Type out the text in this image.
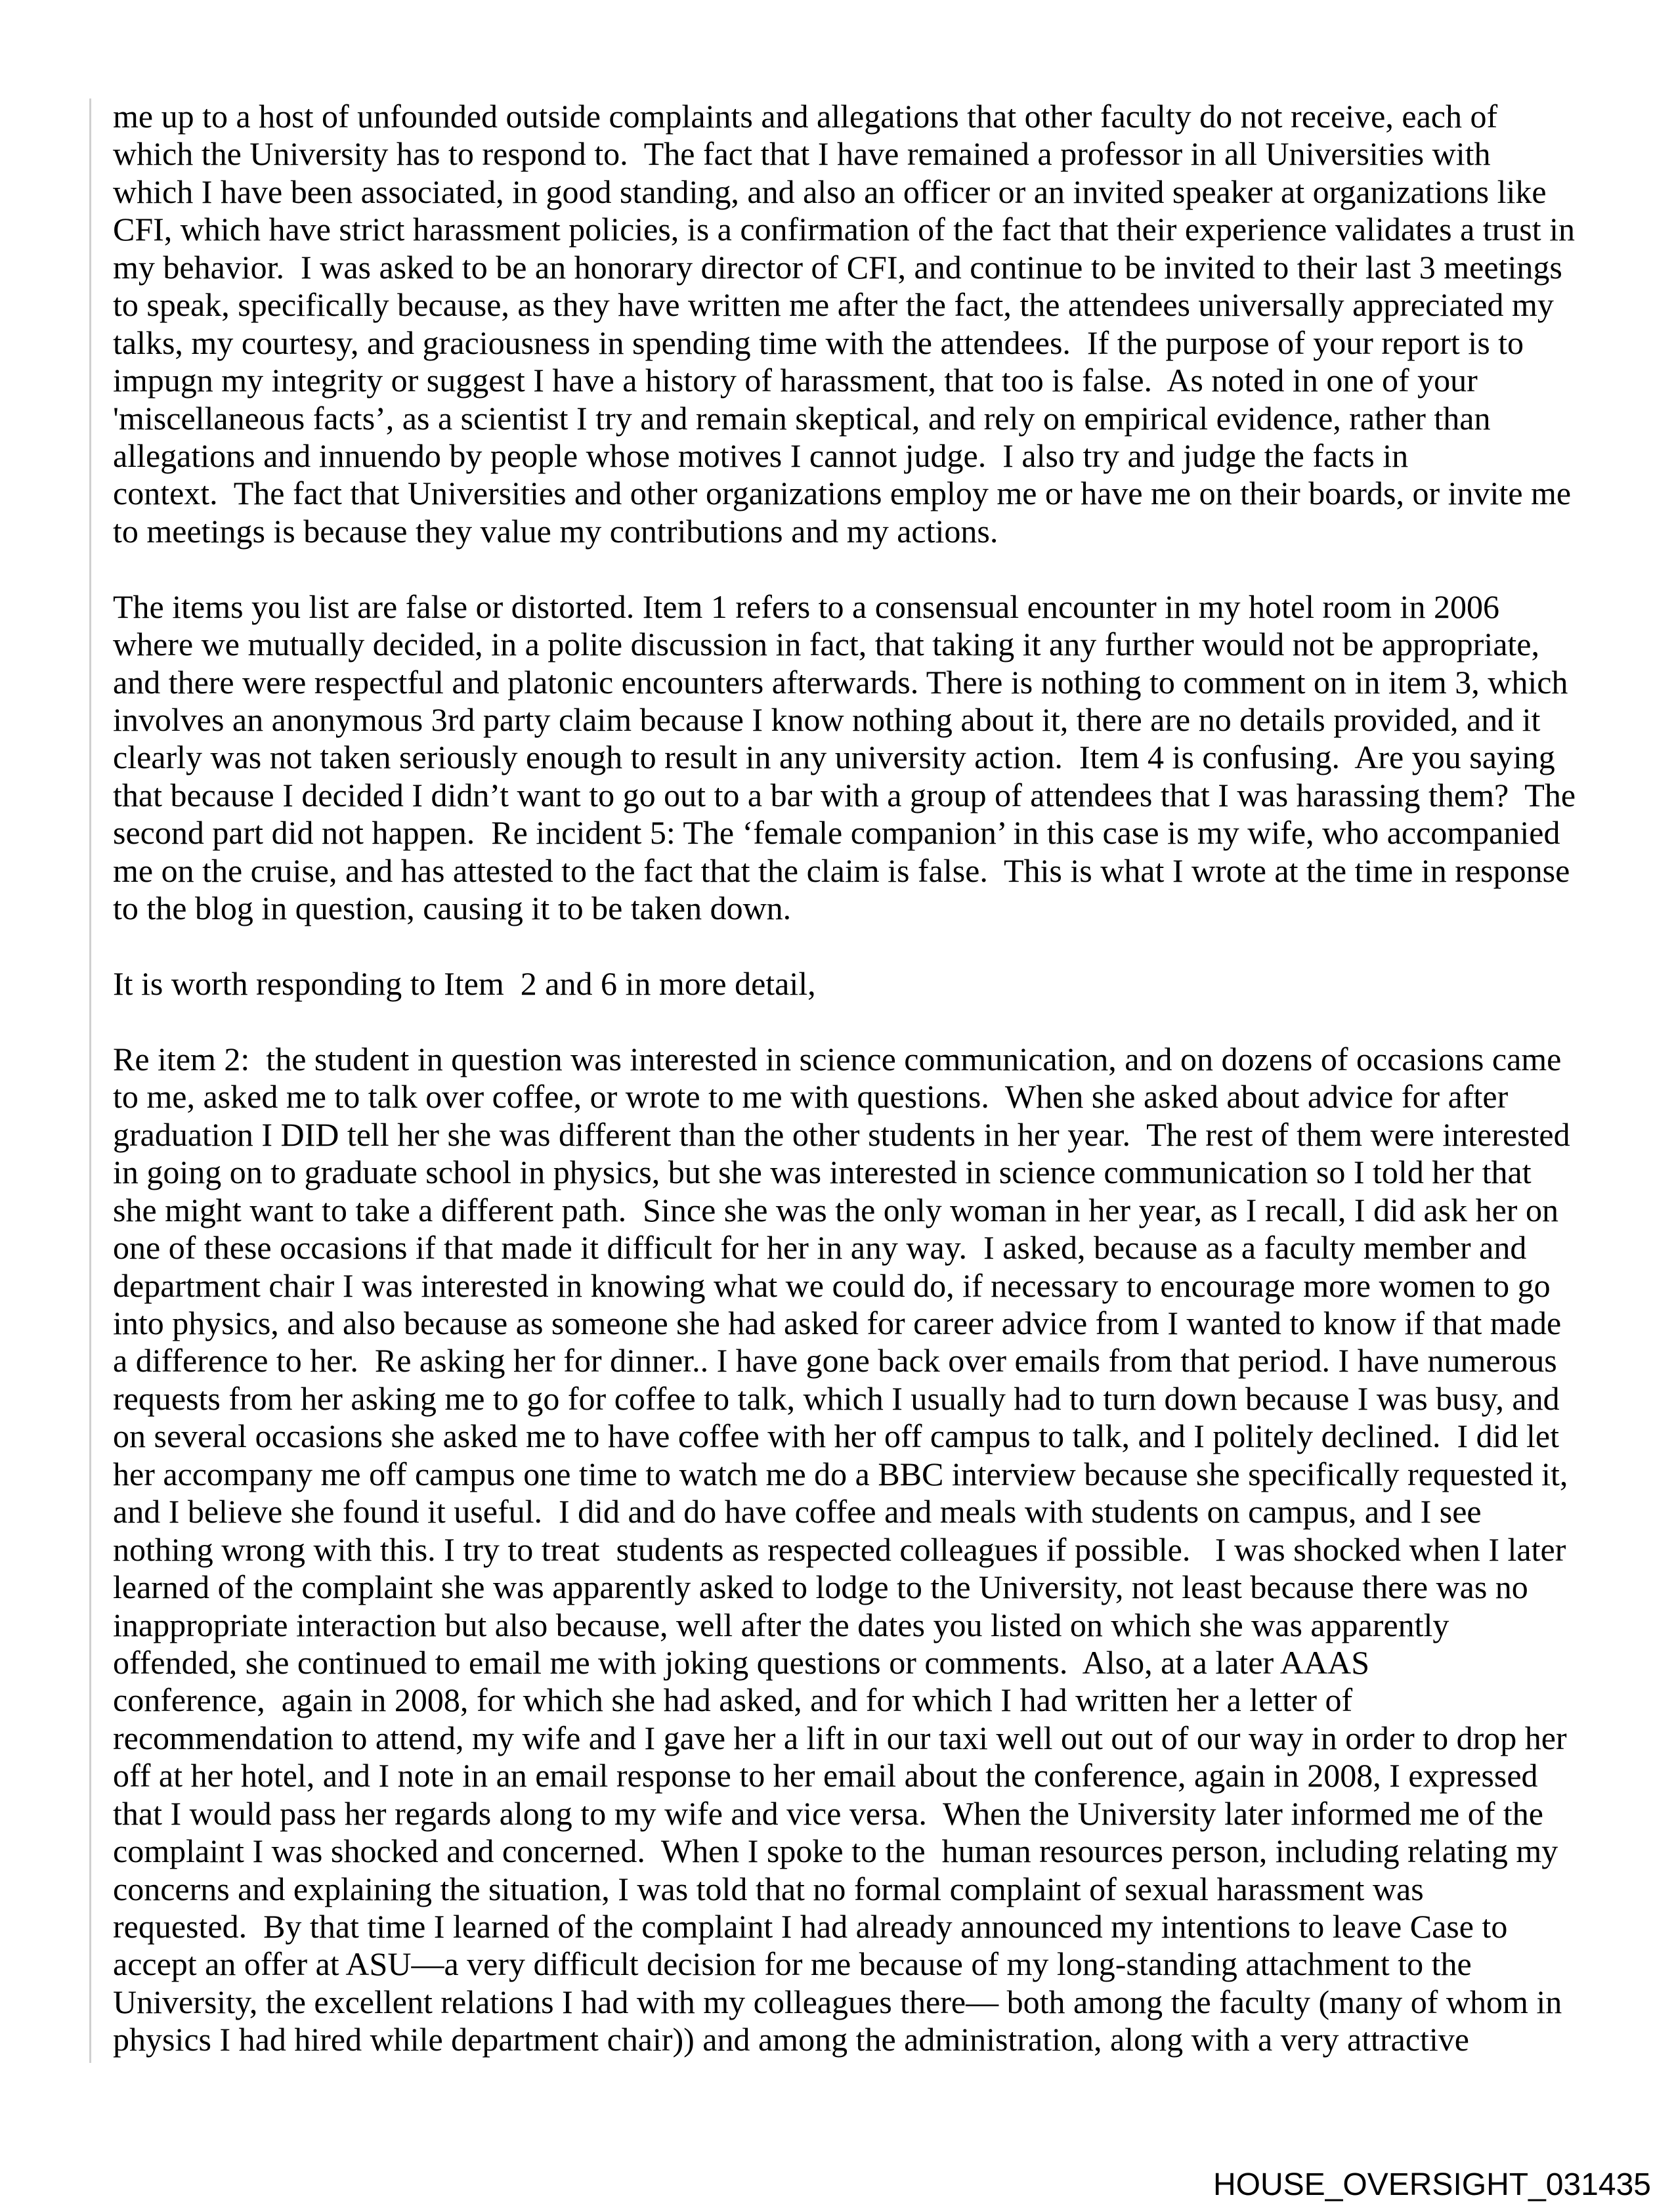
me up to a host of unfounded outside complaints and allegations that other faculty do not receive, each of
which the University has to respond to.  The fact that I have remained a professor in all Universities with
which I have been associated, in good standing, and also an officer or an invited speaker at organizations like
CFI, which have strict harassment policies, is a confirmation of the fact that their experience validates a trust in
my behavior.  I was asked to be an honorary director of CFI, and continue to be invited to their last 3 meetings
to speak, specifically because, as they have written me after the fact, the attendees universally appreciated my
talks, my courtesy, and graciousness in spending time with the attendees.  If the purpose of your report is to
impugn my integrity or suggest I have a history of harassment, that too is false.  As noted in one of your
'miscellaneous facts’, as a scientist I try and remain skeptical, and rely on empirical evidence, rather than
allegations and innuendo by people whose motives I cannot judge.  I also try and judge the facts in
context.  The fact that Universities and other organizations employ me or have me on their boards, or invite me
to meetings is because they value my contributions and my actions.

The items you list are false or distorted. Item 1 refers to a consensual encounter in my hotel room in 2006
where we mutually decided, in a polite discussion in fact, that taking it any further would not be appropriate,
and there were respectful and platonic encounters afterwards. There is nothing to comment on in item 3, which
involves an anonymous 3rd party claim because I know nothing about it, there are no details provided, and it
clearly was not taken seriously enough to result in any university action.  Item 4 is confusing.  Are you saying
that because I decided I didn’t want to go out to a bar with a group of attendees that I was harassing them?  The
second part did not happen.  Re incident 5: The ‘female companion’ in this case is my wife, who accompanied
me on the cruise, and has attested to the fact that the claim is false.  This is what I wrote at the time in response
to the blog in question, causing it to be taken down.

It is worth responding to Item  2 and 6 in more detail,

Re item 2:  the student in question was interested in science communication, and on dozens of occasions came
to me, asked me to talk over coffee, or wrote to me with questions.  When she asked about advice for after
graduation I DID tell her she was different than the other students in her year.  The rest of them were interested
in going on to graduate school in physics, but she was interested in science communication so I told her that
she might want to take a different path.  Since she was the only woman in her year, as I recall, I did ask her on
one of these occasions if that made it difficult for her in any way.  I asked, because as a faculty member and
department chair I was interested in knowing what we could do, if necessary to encourage more women to go
into physics, and also because as someone she had asked for career advice from I wanted to know if that made
a difference to her.  Re asking her for dinner.. I have gone back over emails from that period. I have numerous
requests from her asking me to go for coffee to talk, which I usually had to turn down because I was busy, and
on several occasions she asked me to have coffee with her off campus to talk, and I politely declined.  I did let
her accompany me off campus one time to watch me do a BBC interview because she specifically requested it,
and I believe she found it useful.  I did and do have coffee and meals with students on campus, and I see
nothing wrong with this. I try to treat  students as respected colleagues if possible.   I was shocked when I later
learned of the complaint she was apparently asked to lodge to the University, not least because there was no
inappropriate interaction but also because, well after the dates you listed on which she was apparently
offended, she continued to email me with joking questions or comments.  Also, at a later AAAS
conference,  again in 2008, for which she had asked, and for which I had written her a letter of
recommendation to attend, my wife and I gave her a lift in our taxi well out out of our way in order to drop her
off at her hotel, and I note in an email response to her email about the conference, again in 2008, I expressed
that I would pass her regards along to my wife and vice versa.  When the University later informed me of the
complaint I was shocked and concerned.  When I spoke to the  human resources person, including relating my
concerns and explaining the situation, I was told that no formal complaint of sexual harassment was
requested.  By that time I learned of the complaint I had already announced my intentions to leave Case to
accept an offer at ASU—a very difficult decision for me because of my long-standing attachment to the
University, the excellent relations I had with my colleagues there— both among the faculty (many of whom in
physics I had hired while department chair)) and among the administration, along with a very attractive

HOUSE_OVERSIGHT_031435
